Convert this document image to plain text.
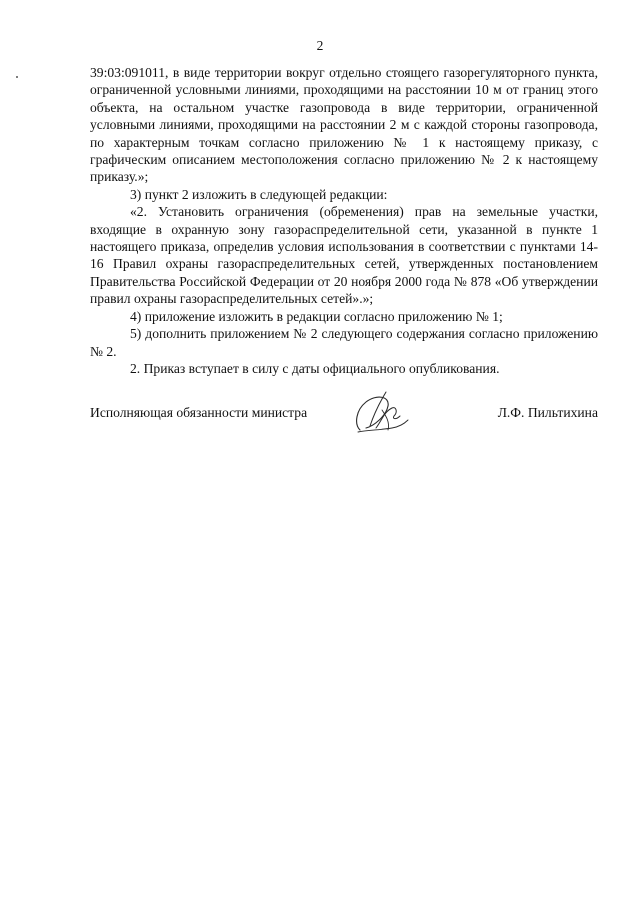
2

39:03:091011, в виде территории вокруг отдельно стоящего газорегуляторного пункта, ограниченной условными линиями, проходящими на расстоянии 10 м от границ этого объекта, на остальном участке газопровода в виде территории, ограниченной условными линиями, проходящими на расстоянии 2 м с каждой стороны газопровода, по характерным точкам согласно приложению № 1 к настоящему приказу, с графическим описанием местоположения согласно приложению № 2 к настоящему приказу.»;

3) пункт 2 изложить в следующей редакции:

«2. Установить ограничения (обременения) прав на земельные участки, входящие в охранную зону газораспределительной сети, указанной в пункте 1 настоящего приказа, определив условия использования в соответствии с пунктами 14-16 Правил охраны газораспределительных сетей, утвержденных постановлением Правительства Российской Федерации от 20 ноября 2000 года № 878 «Об утверждении правил охраны газораспределительных сетей».»;

4) приложение изложить в редакции согласно приложению № 1;

5) дополнить приложением № 2 следующего содержания согласно приложению № 2.

2. Приказ вступает в силу с даты официального опубликования.

Исполняющая обязанности министра	Л.Ф. Пильтихина
